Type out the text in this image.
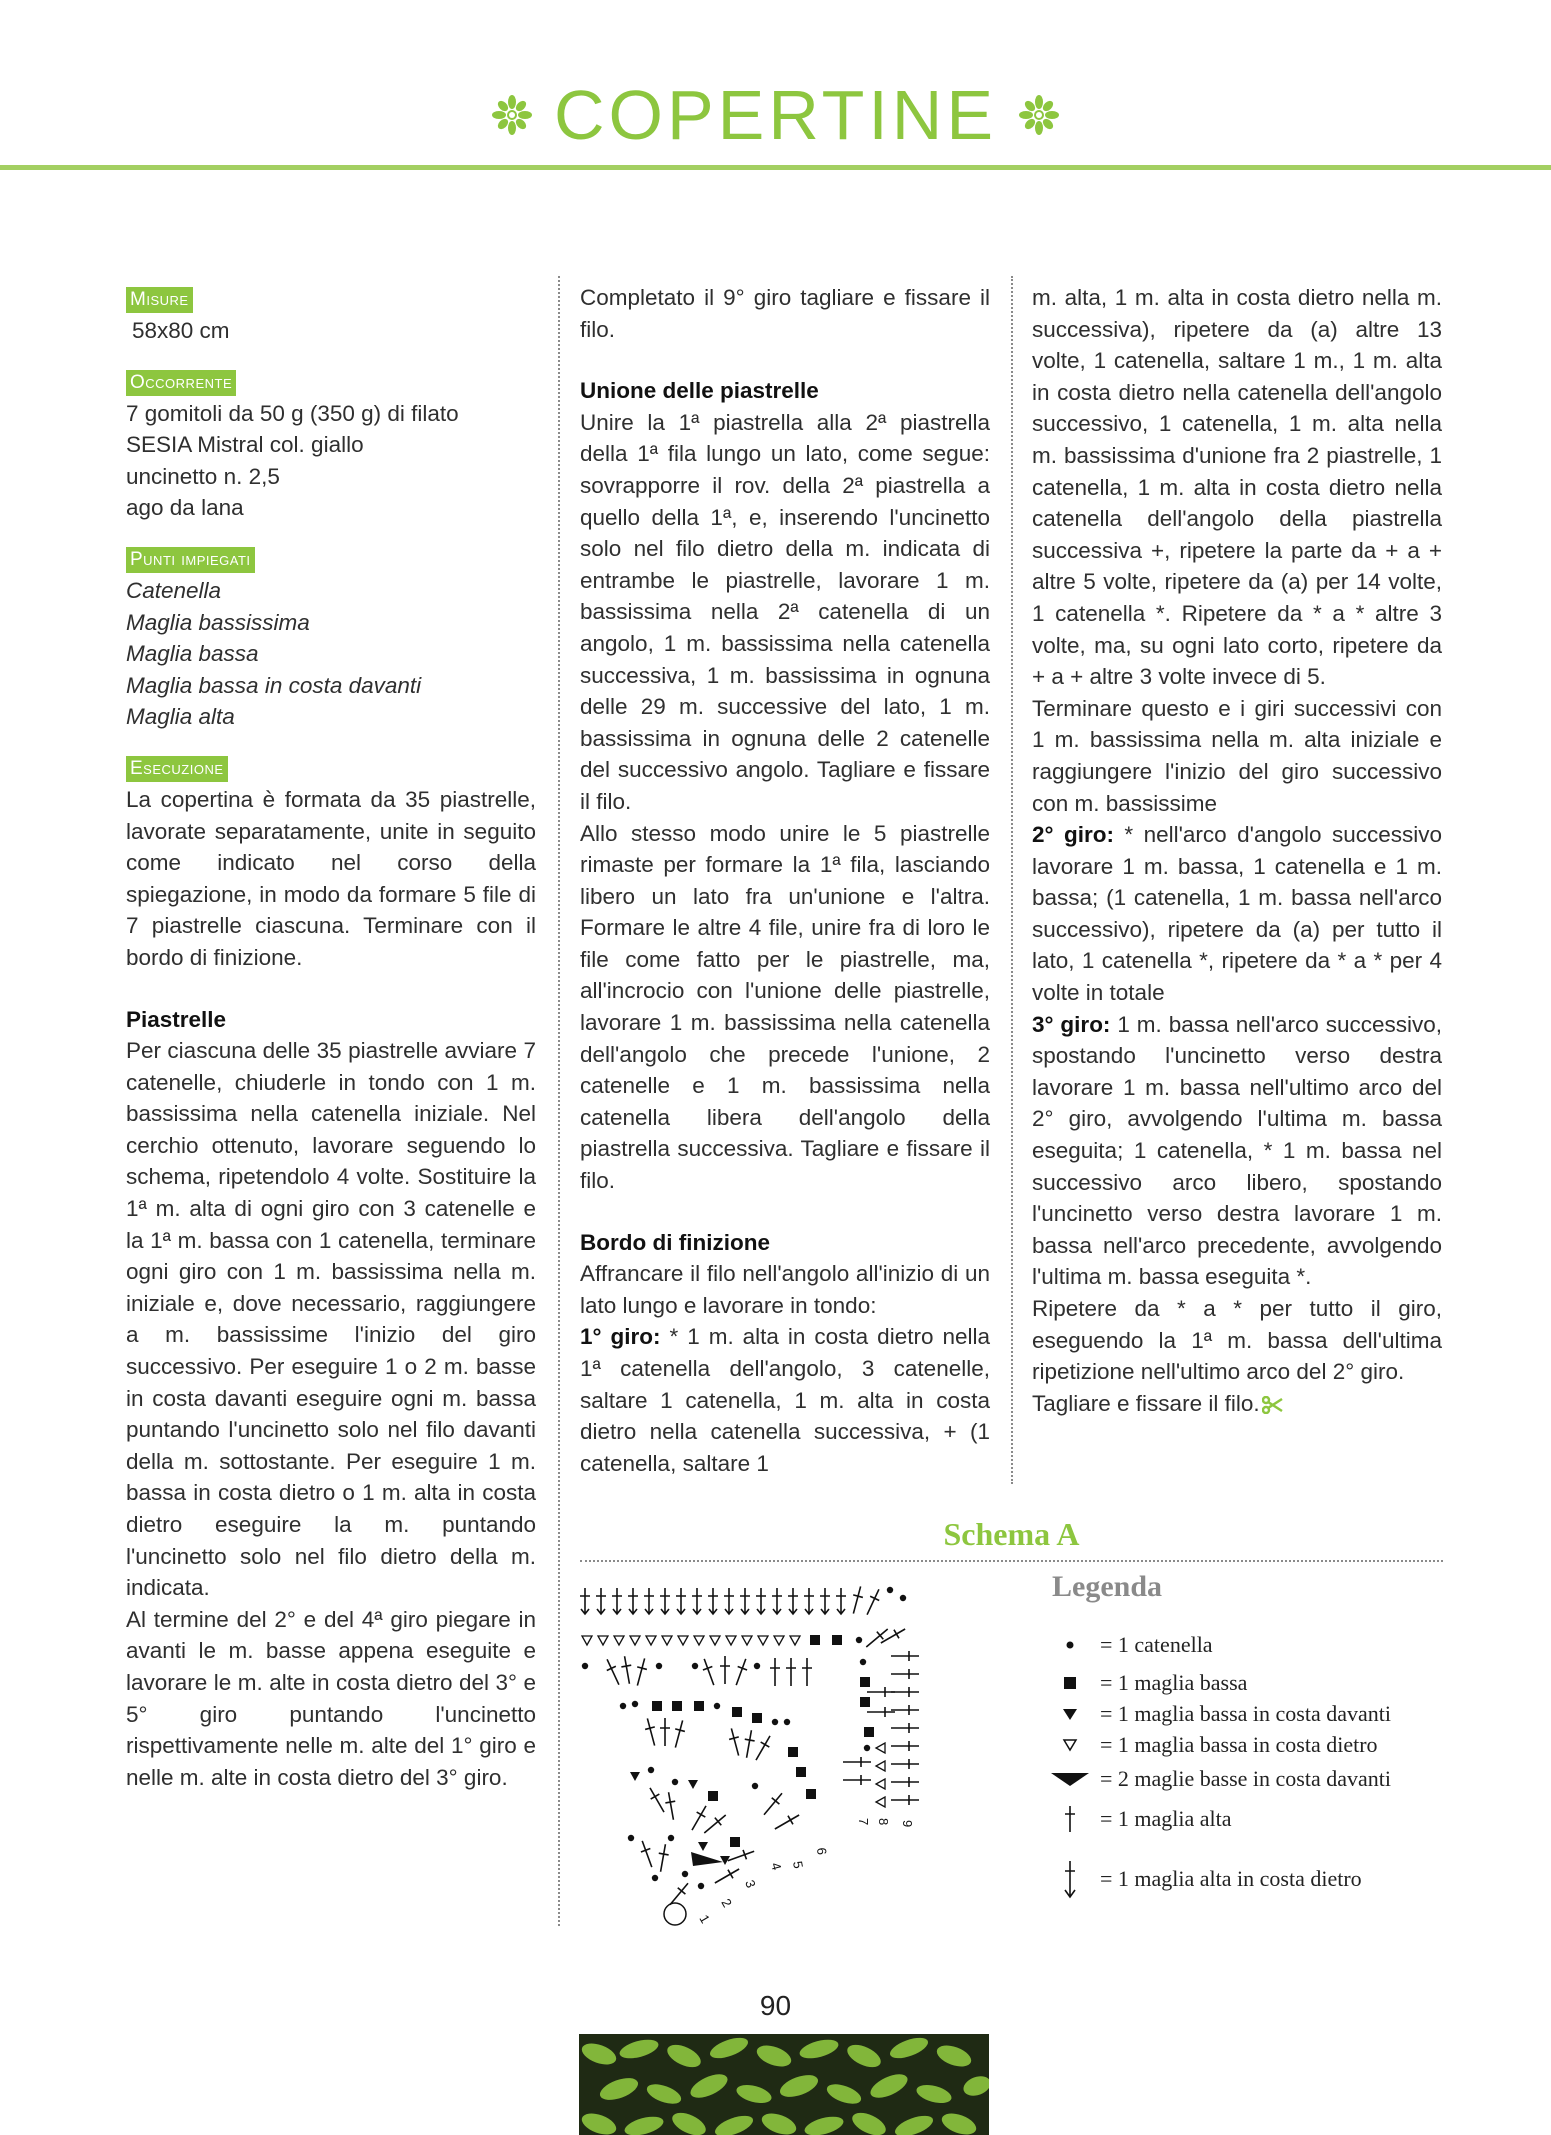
COPERTINE
Misure

58x80 cm

Occorrente

7 gomitoli da 50 g (350 g) di filato

SESIA Mistral col. giallo

uncinetto n. 2,5

ago da lana

Punti impiegati

Catenella

Maglia bassissima

Maglia bassa

Maglia bassa in costa davanti

Maglia alta

Esecuzione

La copertina è formata da 35 piastrelle, lavorate separatamente, unite in seguito come indicato nel corso della spiegazione, in modo da formare 5 file di 7 piastrelle ciascuna. Terminare con il bordo di finizione.

Piastrelle

Per ciascuna delle 35 piastrelle avviare 7 catenelle, chiuderle in tondo con 1 m. bassissima nella catenella iniziale. Nel cerchio ottenuto, lavorare seguendo lo schema, ripetendolo 4 volte. Sostituire la 1ª m. alta di ogni giro con 3 catenelle e la 1ª m. bassa con 1 catenella, terminare ogni giro con 1 m. bassissima nella m. iniziale e, dove necessario, raggiungere a m. bassissime l'inizio del giro successivo. Per eseguire 1 o 2 m. basse in costa davanti eseguire ogni m. bassa puntando l'uncinetto solo nel filo davanti della m. sottostante. Per eseguire 1 m. bassa in costa dietro o 1 m. alta in costa dietro eseguire la m. puntando l'uncinetto solo nel filo dietro della m. indicata.

Al termine del 2° e del 4ª giro piegare in avanti le m. basse appena eseguite e lavorare le m. alte in costa dietro del 3° e 5° giro puntando l'uncinetto rispettivamente nelle m. alte del 1° giro e nelle m. alte in costa dietro del 3° giro.

Completato il 9° giro tagliare e fissare il filo.

Unione delle piastrelle

Unire la 1ª piastrella alla 2ª piastrella della 1ª fila lungo un lato, come segue: sovrapporre il rov. della 2ª piastrella a quello della 1ª, e, inserendo l'uncinetto solo nel filo dietro della m. indicata di entrambe le piastrelle, lavorare 1 m. bassissima nella 2ª catenella di un angolo, 1 m. bassissima nella catenella successiva, 1 m. bassissima in ognuna delle 29 m. successive del lato, 1 m. bassissima in ognuna delle 2 catenelle del successivo angolo. Tagliare e fissare il filo.

Allo stesso modo unire le 5 piastrelle rimaste per formare la 1ª fila, lasciando libero un lato fra un'unione e l'altra. Formare le altre 4 file, unire fra di loro le file come fatto per le piastrelle, ma, all'incrocio con l'unione delle piastrelle, lavorare 1 m. bassissima nella catenella dell'angolo che precede l'unione, 2 catenelle e 1 m. bassissima nella catenella libera dell'angolo della piastrella successiva. Tagliare e fissare il filo.

Bordo di finizione

Affrancare il filo nell'angolo all'inizio di un lato lungo e lavorare in tondo:

1° giro: * 1 m. alta in costa dietro nella 1ª catenella dell'angolo, 3 catenelle, saltare 1 catenella, 1 m. alta in costa dietro nella catenella successiva, + (1 catenella, saltare 1

m. alta, 1 m. alta in costa dietro nella m. successiva), ripetere da (a) altre 13 volte, 1 catenella, saltare 1 m., 1 m. alta in costa dietro nella catenella dell'angolo successivo, 1 catenella, 1 m. alta nella m. bassissima d'unione fra 2 piastrelle, 1 catenella, 1 m. alta in costa dietro nella catenella dell'angolo della piastrella successiva +, ripetere la parte da + a + altre 5 volte, ripetere da (a) per 14 volte, 1 catenella *. Ripetere da * a * altre 3 volte, ma, su ogni lato corto, ripetere da + a + altre 3 volte invece di 5.

Terminare questo e i giri successivi con 1 m. bassissima nella m. alta iniziale e raggiungere l'inizio del giro successivo con m. bassissime

2° giro: * nell'arco d'angolo successivo lavorare 1 m. bassa, 1 catenella e 1 m. bassa; (1 catenella, 1 m. bassa nell'arco successivo), ripetere da (a) per tutto il lato, 1 catenella *, ripetere da * a * per 4 volte in totale

3° giro: 1 m. bassa nell'arco successivo, spostando l'uncinetto verso destra lavorare 1 m. bassa nell'ultimo arco del 2° giro, avvolgendo l'ultima m. bassa eseguita; 1 catenella, * 1 m. bassa nel successivo arco libero, spostando l'uncinetto verso destra lavorare 1 m. bassa nell'arco precedente, avvolgendo l'ultima m. bassa eseguita *.

Ripetere da * a * per tutto il giro, eseguendo la 1ª m. bassa dell'ultima ripetizione nell'ultimo arco del 2° giro.

Tagliare e fissare il filo.

Schema A
1
2
3
4 5
6
7 8 9
Legenda
= 1 catenella
= 1 maglia bassa
= 1 maglia bassa in costa davanti
= 1 maglia bassa in costa dietro
= 2 maglie basse in costa davanti
= 1 maglia alta
= 1 maglia alta in costa dietro
90
